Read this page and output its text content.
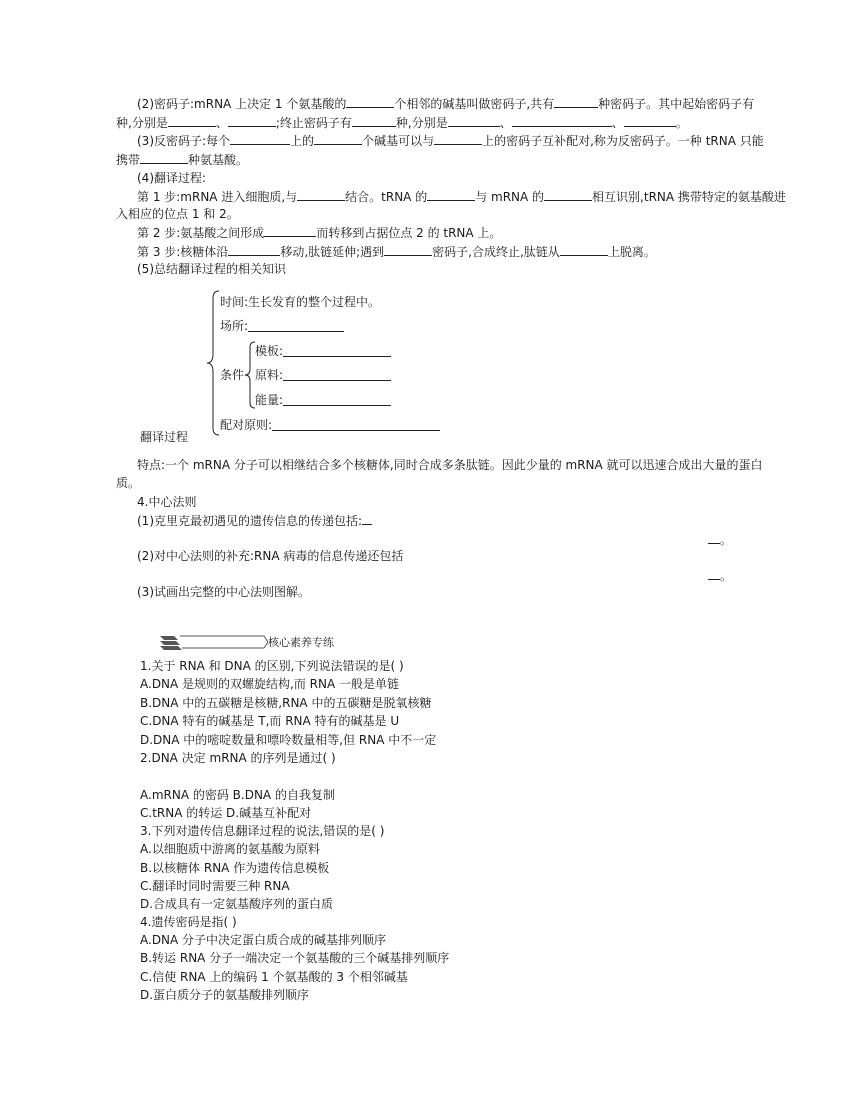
(2)密码子:mRNA 上决定 1 个氨基酸的	个相邻的碱基叫做密码子,共有	种密码子。其中起始密码子有
种,分别是	、	;终止密码子有	种,分别是	、	、	。
(3)反密码子:每个	上的	个碱基可以与	上的密码子互补配对,称为反密码子。一种 tRNA 只能
携带	种氨基酸。
(4)翻译过程:
第 1 步:mRNA 进入细胞质,与	结合。tRNA 的	与 mRNA 的	相互识别,tRNA 携带特定的氨基酸进
入相应的位点 1 和 2。
第 2 步:氨基酸之间形成	而转移到占据位点 2 的 tRNA 上。
第 3 步:核糖体沿	移动,肽链延伸;遇到	密码子,合成终止,肽链从	上脱离。
(5)总结翻译过程的相关知识
时间:生长发育的整个过程中。
场所:
条件
模板:
原料:
能量:
配对原则:
翻译过程
特点:一个 mRNA 分子可以相继结合多个核糖体,同时合成多条肽链。因此少量的 mRNA 就可以迅速合成出大量的蛋白
质。
4.中心法则
(1)克里克最初遇见的遗传信息的传递包括:
。
(2)对中心法则的补充:RNA 病毒的信息传递还包括
。
(3)试画出完整的中心法则图解。
核心素养专练
1.关于 RNA 和 DNA 的区别,下列说法错误的是( )
A.DNA 是规则的双螺旋结构,而 RNA 一般是单链
B.DNA 中的五碳糖是核糖,RNA 中的五碳糖是脱氧核糖
C.DNA 特有的碱基是 T,而 RNA 特有的碱基是 U
D.DNA 中的嘧啶数量和嘌呤数量相等,但 RNA 中不一定
2.DNA 决定 mRNA 的序列是通过( )
A.mRNA 的密码 B.DNA 的自我复制
C.tRNA 的转运 D.碱基互补配对
3.下列对遗传信息翻译过程的说法,错误的是( )
A.以细胞质中游离的氨基酸为原料
B.以核糖体 RNA 作为遗传信息模板
C.翻译时同时需要三种 RNA
D.合成具有一定氨基酸序列的蛋白质
4.遗传密码是指( )
A.DNA 分子中决定蛋白质合成的碱基排列顺序
B.转运 RNA 分子一端决定一个氨基酸的三个碱基排列顺序
C.信使 RNA 上的编码 1 个氨基酸的 3 个相邻碱基
D.蛋白质分子的氨基酸排列顺序
